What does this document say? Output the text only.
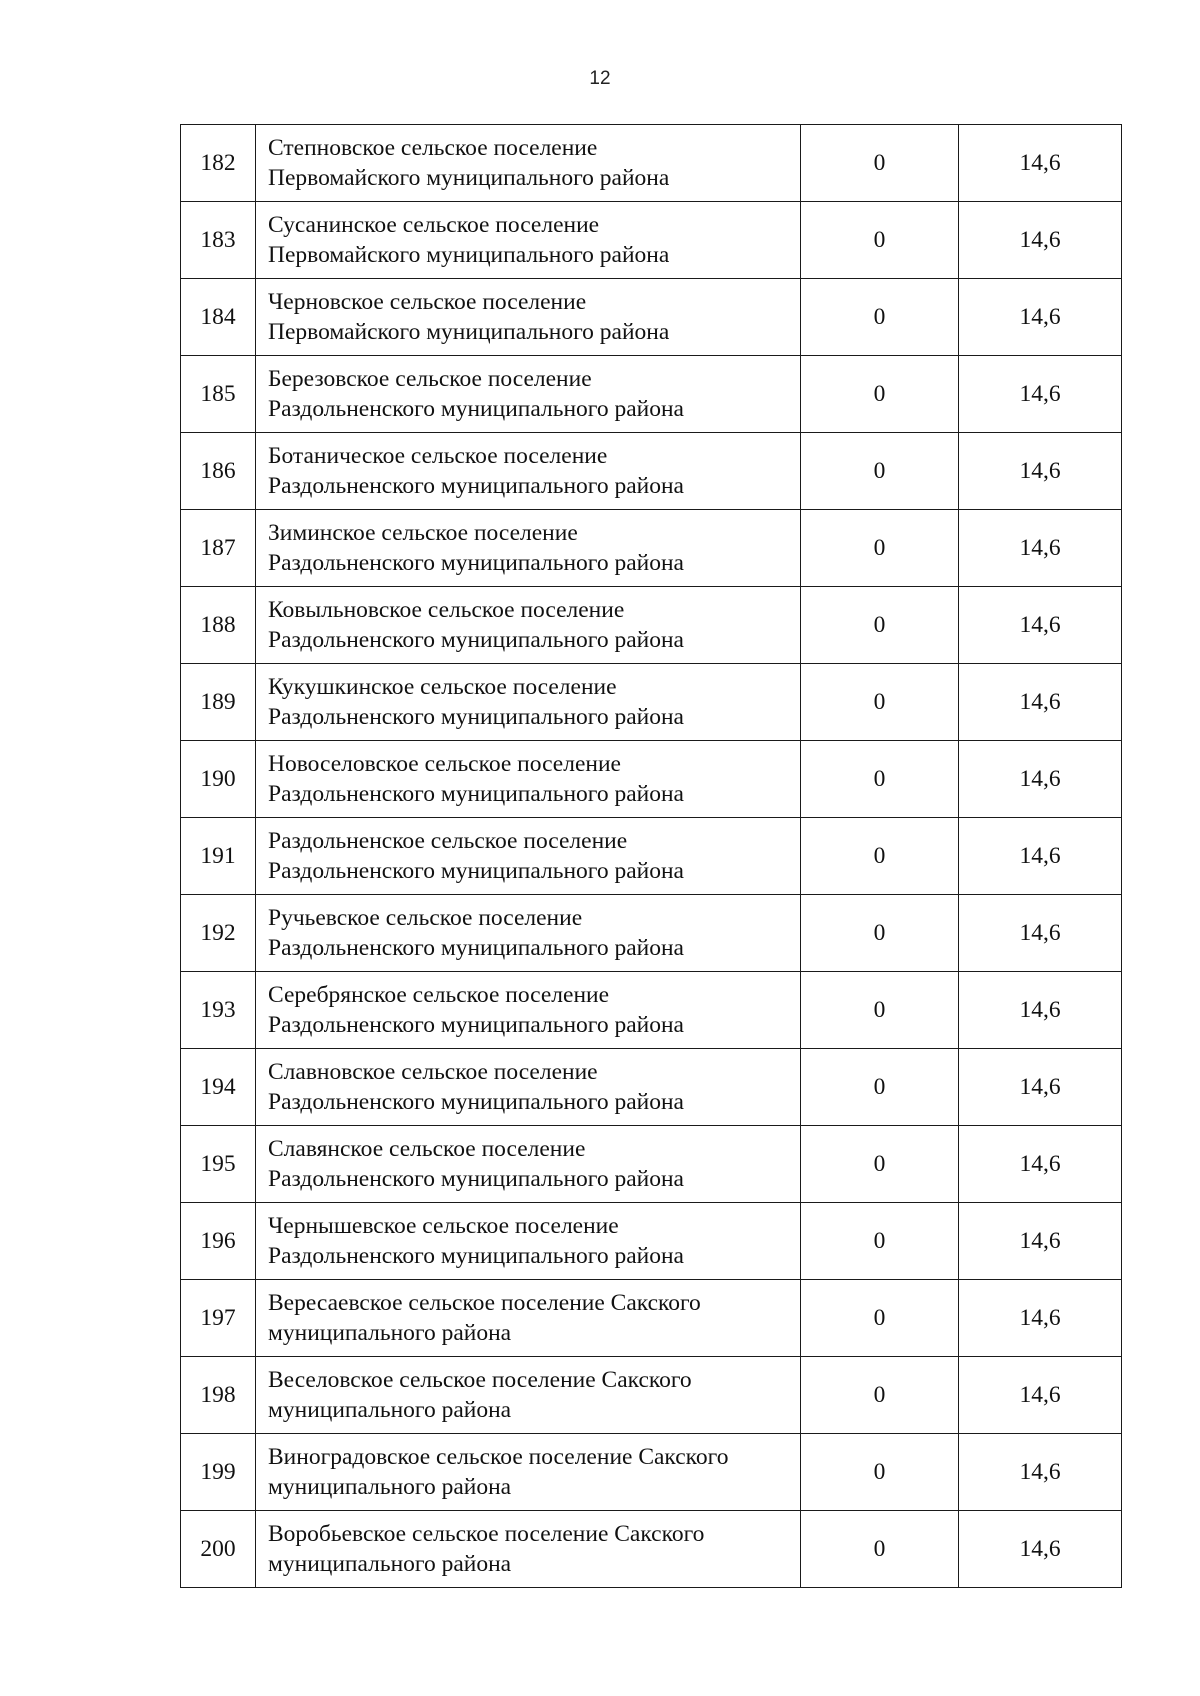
12
182	Степновское сельское поселение
Первомайского муниципального района	0	14,6
183	Сусанинское сельское поселение
Первомайского муниципального района	0	14,6
184	Черновское сельское поселение
Первомайского муниципального района	0	14,6
185	Березовское сельское поселение
Раздольненского муниципального района	0	14,6
186	Ботаническое сельское поселение
Раздольненского муниципального района	0	14,6
187	Зиминское сельское поселение
Раздольненского муниципального района	0	14,6
188	Ковыльновское сельское поселение
Раздольненского муниципального района	0	14,6
189	Кукушкинское сельское поселение
Раздольненского муниципального района	0	14,6
190	Новоселовское сельское поселение
Раздольненского муниципального района	0	14,6
191	Раздольненское сельское поселение
Раздольненского муниципального района	0	14,6
192	Ручьевское сельское поселение
Раздольненского муниципального района	0	14,6
193	Серебрянское сельское поселение
Раздольненского муниципального района	0	14,6
194	Славновское сельское поселение
Раздольненского муниципального района	0	14,6
195	Славянское сельское поселение
Раздольненского муниципального района	0	14,6
196	Чернышевское сельское поселение
Раздольненского муниципального района	0	14,6
197	Вересаевское сельское поселение Сакского
муниципального района	0	14,6
198	Веселовское сельское поселение Сакского
муниципального района	0	14,6
199	Виноградовское сельское поселение Сакского
муниципального района	0	14,6
200	Воробьевское сельское поселение Сакского
муниципального района	0	14,6
